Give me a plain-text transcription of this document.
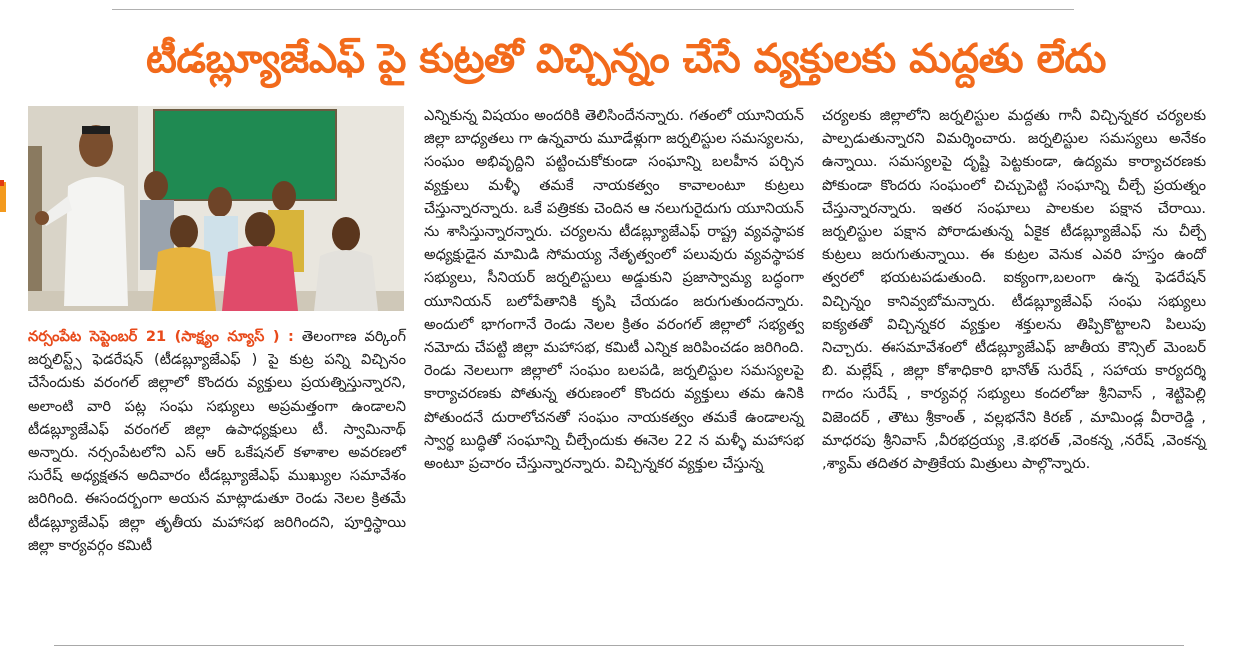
టీడబ్ల్యూజేఎఫ్ పై కుట్రతో విచ్చిన్నం చేసే వ్యక్తులకు మద్దతు లేదు

నర్సంపేట సెప్టెంబర్ 21 (సాక్ష్యం న్యూస్ ) : తెలంగాణ వర్కింగ్ జర్నలిస్ట్స్ ఫెడరేషన్ (టీడబ్ల్యూజేఎఫ్ ) పై కుట్ర పన్ని విచ్చినం చేసేందుకు వరంగల్ జిల్లాలో కొందరు వ్యక్తులు ప్రయత్నిస్తున్నారని, అలాంటి వారి పట్ల సంఘ సభ్యులు అప్రమత్తంగా ఉండాలని టీడబ్ల్యూజేఎఫ్ వరంగల్ జిల్లా ఉపాధ్యక్షులు టీ. స్వామినాథ్ అన్నారు. నర్సంపేటలోని ఎస్ ఆర్ ఒకేషనల్ కళాశాల అవరణలో సురేష్ అధ్యక్షతన అదివారం టీడబ్ల్యూజేఎఫ్ ముఖ్యుల సమావేశం జరిగింది. ఈసందర్బంగా అయన మాట్లాడుతూ రెండు నెలల క్రితమే టీడబ్ల్యూజేఎఫ్ జిల్లా తృతీయ మహాసభ జరిగిందని, పూర్తిస్థాయి జిల్లా కార్యవర్గం కమిటీ

ఎన్నికున్న విషయం అందరికి తెలిసిందేనన్నారు. గతంలో యూనియన్ జిల్లా బాధ్యతలు గా ఉన్నవారు మూడేళ్లుగా జర్నలిస్టుల సమస్యలను, సంఘం అభివృద్దిని పట్టించుకోకుండా సంఘాన్ని బలహీన పర్చిన వ్యక్తులు మళ్ళీ తమకే నాయకత్వం కావాలంటూ కుట్రలు చేస్తున్నారన్నారు. ఒకే పత్రికకు చెందిన ఆ నలుగురైదుగు యూనియన్ ను శాసిస్తున్నారన్నారు. చర్యలను టీడబ్ల్యూజేఎఫ్ రాష్ట్ర వ్యవస్థాపక అధ్యక్షుడైన మామిడి సోమయ్య నేతృత్వంలో పలువురు వ్యవస్థాపక సభ్యులు, సీనియర్ జర్నలిస్టులు అడ్డుకుని ప్రజాస్వామ్య బద్ధంగా యూనియన్ బలోపేతానికి కృషి చేయడం జరుగుతుందన్నారు. అందులో భాగంగానే రెండు నెలల క్రితం వరంగల్ జిల్లాలో సభ్యత్వ నమోదు చేపట్టి జిల్లా మహాసభ, కమిటీ ఎన్నిక జరిపించడం జరిగింది. రెండు నెలలుగా జిల్లాలో సంఘం బలపడి, జర్నలిస్టుల సమస్యలపై కార్యాచరణకు పోతున్న తరుణంలో కొందరు వ్యక్తులు తమ ఉనికి పోతుందనే దురాలోచనతో సంఘం నాయకత్వం తమకే ఉండాలన్న స్వార్థ బుద్ధితో సంఘాన్ని చీల్చేందుకు ఈనెల 22 న మళ్ళీ మహాసభ అంటూ ప్రచారం చేస్తున్నారన్నారు. విచ్చిన్నకర వ్యక్తుల చేస్తున్న

చర్యలకు జిల్లాలోని జర్నలిస్టుల మద్దతు గానీ విచ్చిన్నకర చర్యలకు పాల్పడుతున్నారని విమర్శించారు. జర్నలిస్టుల సమస్యలు అనేకం ఉన్నాయి. సమస్యలపై దృష్టి పెట్టకుండా, ఉద్యమ కార్యాచరణకు పోకుండా కొందరు సంఘంలో చిచ్చుపెట్టి సంఘాన్ని చీల్చే ప్రయత్నం చేస్తున్నారన్నారు. ఇతర సంఘాలు పాలకుల పక్షాన చేరాయి. జర్నలిస్టుల పక్షాన పోరాడుతున్న ఏకైక టీడబ్ల్యూజేఎఫ్ ను చీల్చే కుట్రలు జరుగుతున్నాయి. ఈ కుట్రల వెనుక ఎవరి హస్తం ఉందో త్వరలో భయటపడుతుంది. ఐక్యంగా,బలంగా ఉన్న ఫెడరేషన్ విచ్చిన్నం కానివ్వబోమన్నారు. టీడబ్ల్యూజేఎఫ్ సంఘ సభ్యులు ఐక్యతతో విచ్చిన్నకర వ్యక్తుల శక్తులను తిప్పికొట్టాలని పిలుపు నిచ్చారు. ఈసమావేశంలో టీడబ్ల్యూజేఎఫ్ జాతీయ కౌన్సిల్ మెంబర్ బి. మల్లేష్ , జిల్లా కోశాధికారి భానోత్ సురేష్ , సహాయ కార్యదర్శి గాదం సురేష్ , కార్యవర్గ సభ్యులు కందలోజు శ్రీనివాస్ , శెట్టిపెల్లి విజెందర్ , తౌటు శ్రీకాంత్ , వల్లభనేని కిరణ్ , మామిండ్ల వీరారెడ్డి , మాధరపు శ్రీనివాస్ ,వీరభద్రయ్య ,కె.భరత్ ,వెంకన్న ,నరేష్ ,వెంకన్న ,శ్యామ్ తదితర పాత్రికేయ మిత్రులు పాల్గొన్నారు.
